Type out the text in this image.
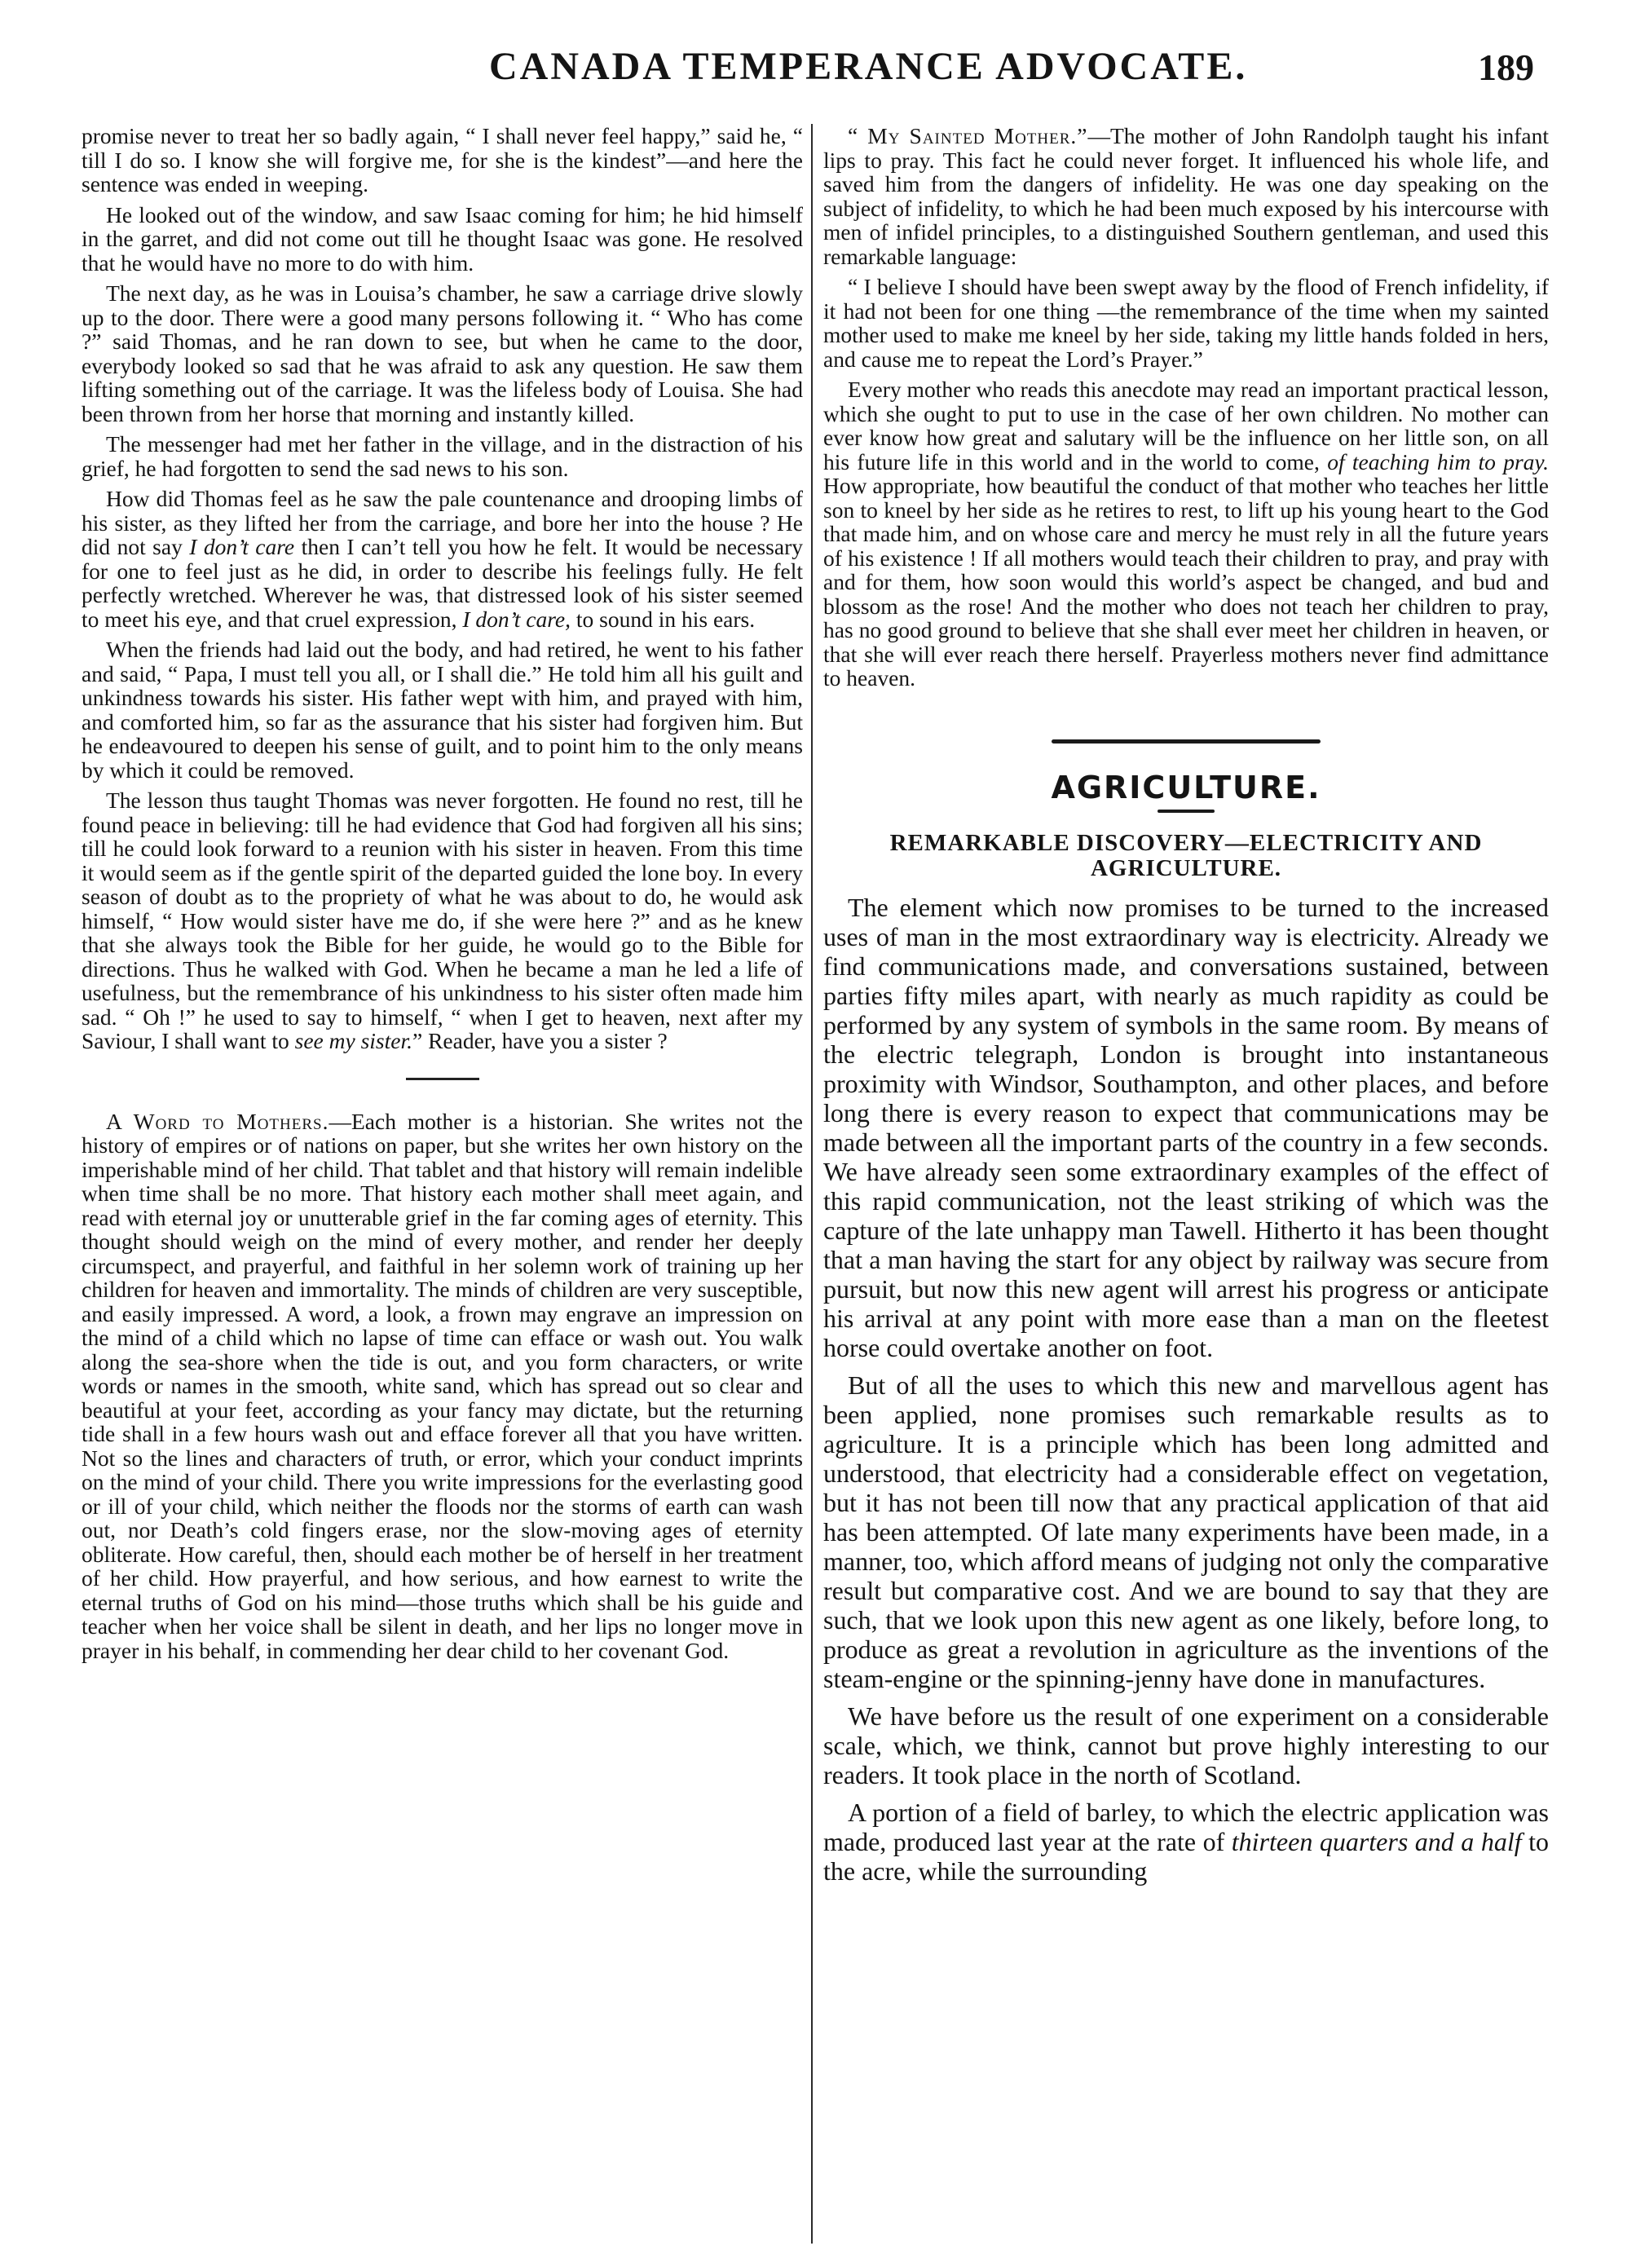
CANADA TEMPERANCE ADVOCATE.	189

promise never to treat her so badly again, “ I shall never feel happy,” said he, “ till I do so. I know she will forgive me, for she is the kindest”—and here the sentence was ended in weeping.

He looked out of the window, and saw Isaac coming for him; he hid himself in the garret, and did not come out till he thought Isaac was gone. He resolved that he would have no more to do with him.

The next day, as he was in Louisa’s chamber, he saw a carriage drive slowly up to the door. There were a good many persons following it. “ Who has come ?” said Thomas, and he ran down to see, but when he came to the door, everybody looked so sad that he was afraid to ask any question. He saw them lifting something out of the carriage. It was the lifeless body of Louisa. She had been thrown from her horse that morning and instantly killed.

The messenger had met her father in the village, and in the distraction of his grief, he had forgotten to send the sad news to his son.

How did Thomas feel as he saw the pale countenance and drooping limbs of his sister, as they lifted her from the carriage, and bore her into the house ? He did not say I don’t care then I can’t tell you how he felt. It would be necessary for one to feel just as he did, in order to describe his feelings fully. He felt perfectly wretched. Wherever he was, that distressed look of his sister seemed to meet his eye, and that cruel expression, I don’t care, to sound in his ears.

When the friends had laid out the body, and had retired, he went to his father and said, “ Papa, I must tell you all, or I shall die.” He told him all his guilt and unkindness towards his sister. His father wept with him, and prayed with him, and comforted him, so far as the assurance that his sister had forgiven him. But he endeavoured to deepen his sense of guilt, and to point him to the only means by which it could be removed.

The lesson thus taught Thomas was never forgotten. He found no rest, till he found peace in believing: till he had evidence that God had forgiven all his sins; till he could look forward to a reunion with his sister in heaven. From this time it would seem as if the gentle spirit of the departed guided the lone boy. In every season of doubt as to the propriety of what he was about to do, he would ask himself, “ How would sister have me do, if she were here ?” and as he knew that she always took the Bible for her guide, he would go to the Bible for directions. Thus he walked with God. When he became a man he led a life of usefulness, but the remembrance of his unkindness to his sister often made him sad. “ Oh !” he used to say to himself, “ when I get to heaven, next after my Saviour, I shall want to see my sister.” Reader, have you a sister ?

A Word to Mothers.—Each mother is a historian. She writes not the history of empires or of nations on paper, but she writes her own history on the imperishable mind of her child. That tablet and that history will remain indelible when time shall be no more. That history each mother shall meet again, and read with eternal joy or unutterable grief in the far coming ages of eternity. This thought should weigh on the mind of every mother, and render her deeply circumspect, and prayerful, and faithful in her solemn work of training up her children for heaven and immortality. The minds of children are very susceptible, and easily impressed. A word, a look, a frown may engrave an impression on the mind of a child which no lapse of time can efface or wash out. You walk along the sea-shore when the tide is out, and you form characters, or write words or names in the smooth, white sand, which has spread out so clear and beautiful at your feet, according as your fancy may dictate, but the returning tide shall in a few hours wash out and efface forever all that you have written. Not so the lines and characters of truth, or error, which your conduct imprints on the mind of your child. There you write impressions for the everlasting good or ill of your child, which neither the floods nor the storms of earth can wash out, nor Death’s cold fingers erase, nor the slow-moving ages of eternity obliterate. How careful, then, should each mother be of herself in her treatment of her child. How prayerful, and how serious, and how earnest to write the eternal truths of God on his mind—those truths which shall be his guide and teacher when her voice shall be silent in death, and her lips no longer move in prayer in his behalf, in commending her dear child to her covenant God.

“ My Sainted Mother.”—The mother of John Randolph taught his infant lips to pray. This fact he could never forget. It influenced his whole life, and saved him from the dangers of infidelity. He was one day speaking on the subject of infidelity, to which he had been much exposed by his intercourse with men of infidel principles, to a distinguished Southern gentleman, and used this remarkable language:

“ I believe I should have been swept away by the flood of French infidelity, if it had not been for one thing —the remembrance of the time when my sainted mother used to make me kneel by her side, taking my little hands folded in hers, and cause me to repeat the Lord’s Prayer.”

Every mother who reads this anecdote may read an important practical lesson, which she ought to put to use in the case of her own children. No mother can ever know how great and salutary will be the influence on her little son, on all his future life in this world and in the world to come, of teaching him to pray. How appropriate, how beautiful the conduct of that mother who teaches her little son to kneel by her side as he retires to rest, to lift up his young heart to the God that made him, and on whose care and mercy he must rely in all the future years of his existence ! If all mothers would teach their children to pray, and pray with and for them, how soon would this world’s aspect be changed, and bud and blossom as the rose! And the mother who does not teach her children to pray, has no good ground to believe that she shall ever meet her children in heaven, or that she will ever reach there herself. Prayerless mothers never find admittance to heaven.

AGRICULTURE.
REMARKABLE DISCOVERY—ELECTRICITY AND AGRICULTURE.

The element which now promises to be turned to the increased uses of man in the most extraordinary way is electricity. Already we find communications made, and conversations sustained, between parties fifty miles apart, with nearly as much rapidity as could be performed by any system of symbols in the same room. By means of the electric telegraph, London is brought into instantaneous proximity with Windsor, Southampton, and other places, and before long there is every reason to expect that communications may be made between all the important parts of the country in a few seconds. We have already seen some extraordinary examples of the effect of this rapid communication, not the least striking of which was the capture of the late unhappy man Tawell. Hitherto it has been thought that a man having the start for any object by railway was secure from pursuit, but now this new agent will arrest his progress or anticipate his arrival at any point with more ease than a man on the fleetest horse could overtake another on foot.

But of all the uses to which this new and marvellous agent has been applied, none promises such remarkable results as to agriculture. It is a principle which has been long admitted and understood, that electricity had a considerable effect on vegetation, but it has not been till now that any practical application of that aid has been attempted. Of late many experiments have been made, in a manner, too, which afford means of judging not only the comparative result but comparative cost. And we are bound to say that they are such, that we look upon this new agent as one likely, before long, to produce as great a revolution in agriculture as the inventions of the steam-engine or the spinning-jenny have done in manufactures.

We have before us the result of one experiment on a considerable scale, which, we think, cannot but prove highly interesting to our readers. It took place in the north of Scotland.

A portion of a field of barley, to which the electric application was made, produced last year at the rate of thirteen quarters and a half to the acre, while the surrounding
